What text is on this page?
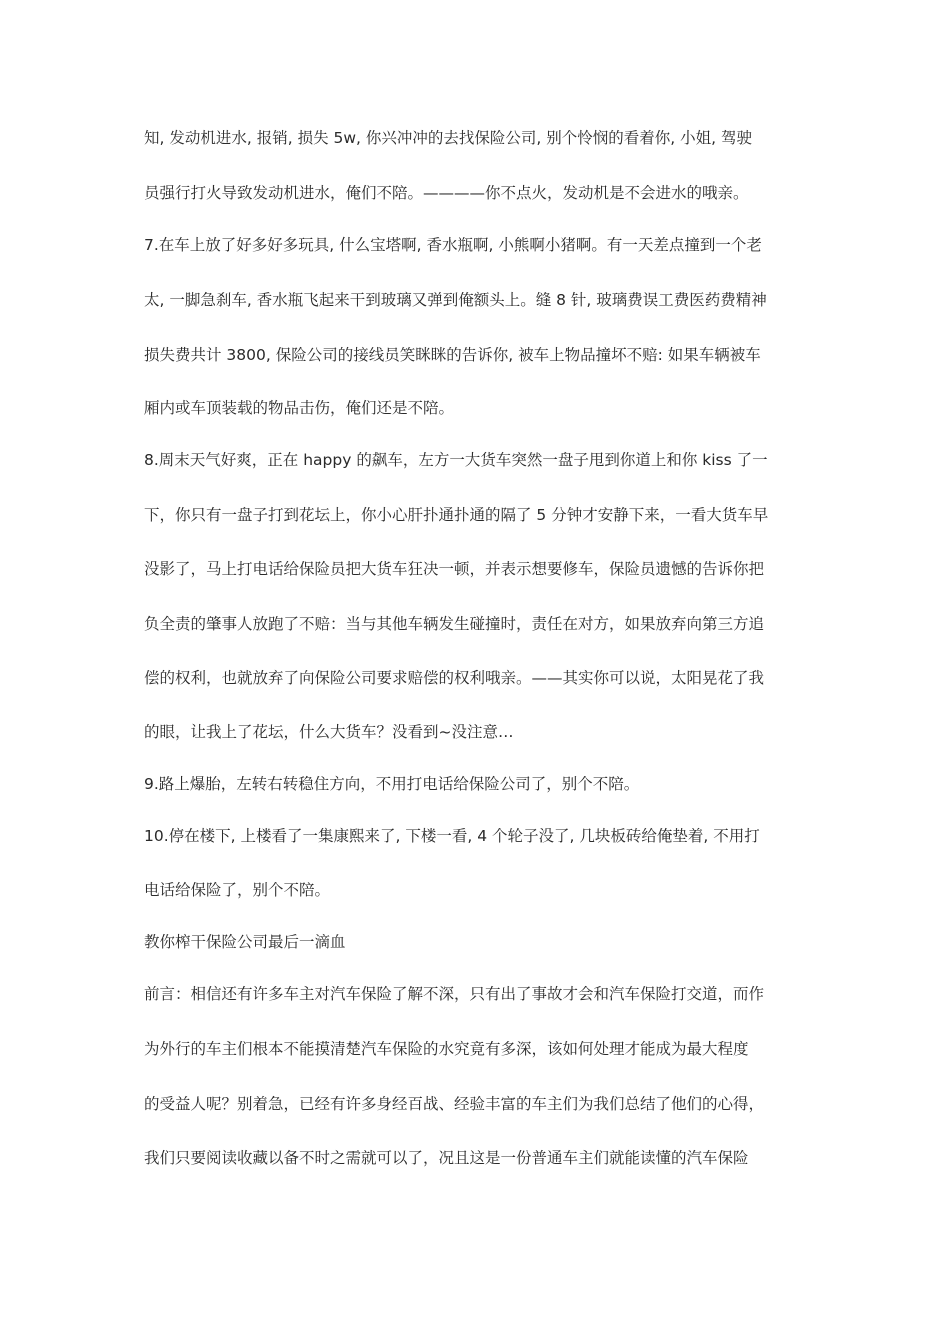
知, 发动机进水, 报销, 损失 5w, 你兴冲冲的去找保险公司, 别个怜悯的看着你, 小姐, 驾驶
员强行打火导致发动机进水，俺们不陪。————你不点火，发动机是不会进水的哦亲。
7.在车上放了好多好多玩具, 什么宝塔啊, 香水瓶啊, 小熊啊小猪啊。有一天差点撞到一个老
太, 一脚急刹车, 香水瓶飞起来干到玻璃又弹到俺额头上。缝 8 针, 玻璃费误工费医药费精神
损失费共计 3800, 保险公司的接线员笑眯眯的告诉你, 被车上物品撞坏不赔: 如果车辆被车
厢内或车顶装载的物品击伤，俺们还是不陪。
8.周末天气好爽，正在 happy 的飙车，左方一大货车突然一盘子甩到你道上和你 kiss 了一
下，你只有一盘子打到花坛上，你小心肝扑通扑通的隔了 5 分钟才安静下来，一看大货车早
没影了，马上打电话给保险员把大货车狂决一顿，并表示想要修车，保险员遗憾的告诉你把
负全责的肇事人放跑了不赔：当与其他车辆发生碰撞时，责任在对方，如果放弃向第三方追
偿的权利，也就放弃了向保险公司要求赔偿的权利哦亲。——其实你可以说，太阳晃花了我
的眼，让我上了花坛，什么大货车？没看到~没注意…
9.路上爆胎，左转右转稳住方向，不用打电话给保险公司了，别个不陪。
10.停在楼下, 上楼看了一集康熙来了, 下楼一看, 4 个轮子没了, 几块板砖给俺垫着, 不用打
电话给保险了，别个不陪。
教你榨干保险公司最后一滴血
前言：相信还有许多车主对汽车保险了解不深，只有出了事故才会和汽车保险打交道，而作
为外行的车主们根本不能摸清楚汽车保险的水究竟有多深，该如何处理才能成为最大程度
的受益人呢？别着急，已经有许多身经百战、经验丰富的车主们为我们总结了他们的心得，
我们只要阅读收藏以备不时之需就可以了，况且这是一份普通车主们就能读懂的汽车保险
